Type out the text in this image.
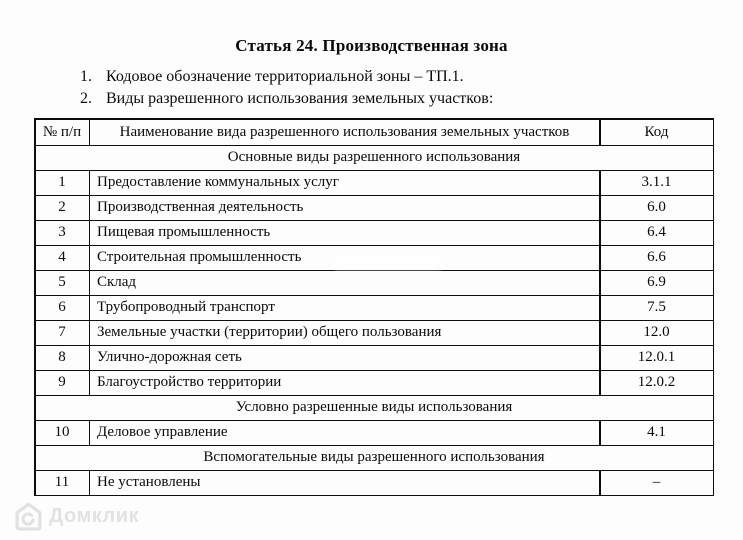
Статья 24. Производственная зона
1. Кодовое обозначение территориальной зоны – ТП.1.
2. Виды разрешенного использования земельных участков:
№ п/п	Наименование вида разрешенного использования земельных участков	Код
Основные виды разрешенного использования
1	Предоставление коммунальных услуг	3.1.1
2	Производственная деятельность	6.0
3	Пищевая промышленность	6.4
4	Строительная промышленность	6.6
5	Склад	6.9
6	Трубопроводный транспорт	7.5
7	Земельные участки (территории) общего пользования	12.0
8	Улично-дорожная сеть	12.0.1
9	Благоустройство территории	12.0.2
Условно разрешенные виды использования
10	Деловое управление	4.1
Вспомогательные виды разрешенного использования
11	Не установлены	–
Домклик
